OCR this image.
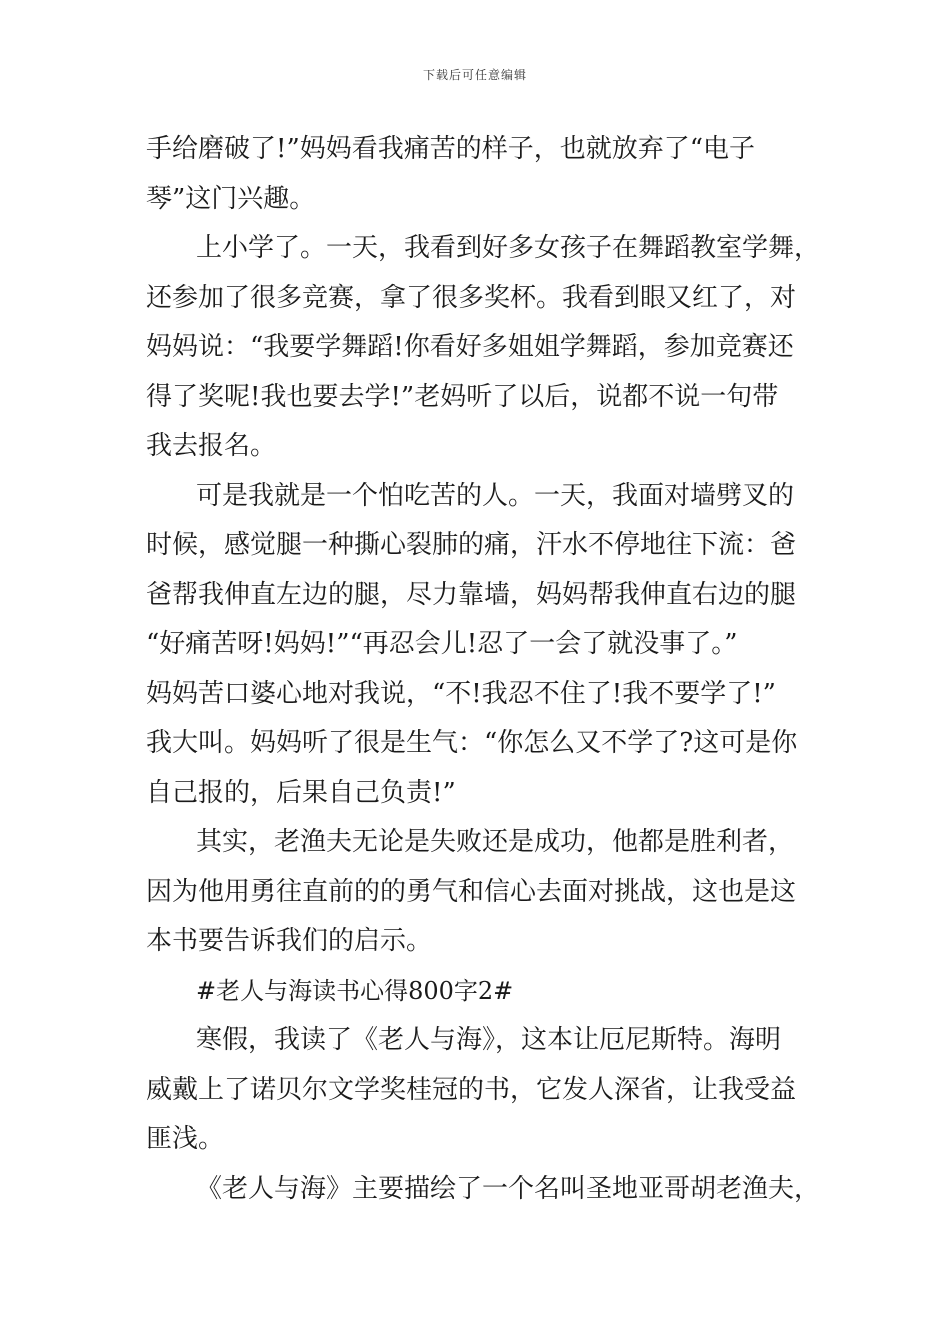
下载后可任意编辑
手给磨破了!”妈妈看我痛苦的样子，也就放弃了“电子
琴”这门兴趣。
上小学了。一天，我看到好多女孩子在舞蹈教室学舞，
还参加了很多竞赛，拿了很多奖杯。我看到眼又红了，对
妈妈说：“我要学舞蹈!你看好多姐姐学舞蹈，参加竞赛还
得了奖呢!我也要去学!”老妈听了以后，说都不说一句带
我去报名。
可是我就是一个怕吃苦的人。一天，我面对墙劈叉的
时候，感觉腿一种撕心裂肺的痛，汗水不停地往下流：爸
爸帮我伸直左边的腿，尽力靠墙，妈妈帮我伸直右边的腿
“好痛苦呀!妈妈!”“再忍会儿!忍了一会了就没事了。”
妈妈苦口婆心地对我说，“不!我忍不住了!我不要学了!”
我大叫。妈妈听了很是生气：“你怎么又不学了?这可是你
自己报的，后果自己负责!”
其实，老渔夫无论是失败还是成功，他都是胜利者，
因为他用勇往直前的的勇气和信心去面对挑战，这也是这
本书要告诉我们的启示。
#老人与海读书心得800字2#
寒假，我读了《老人与海》，这本让厄尼斯特。海明
威戴上了诺贝尔文学奖桂冠的书，它发人深省，让我受益
匪浅。
《老人与海》主要描绘了一个名叫圣地亚哥胡老渔夫，
